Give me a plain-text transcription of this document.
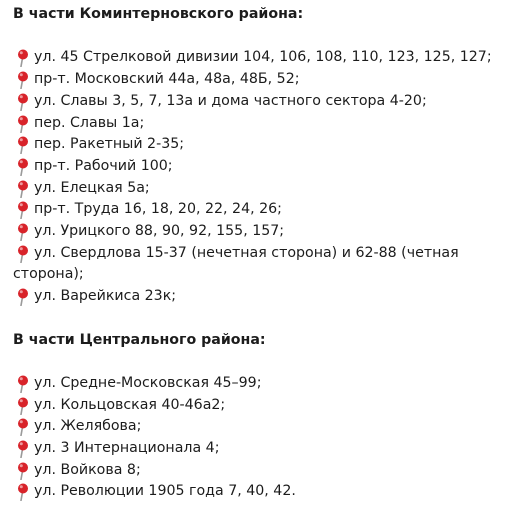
В части Коминтерновского района:

ул. 45 Стрелковой дивизии 104, 106, 108, 110, 123, 125, 127;
пр-т. Московский 44а, 48а, 48Б, 52;
ул. Славы 3, 5, 7, 13а и дома частного сектора 4-20;
пер. Славы 1а;
пер. Ракетный 2-35;
пр-т. Рабочий 100;
ул. Елецкая 5а;
пр-т. Труда 16, 18, 20, 22, 24, 26;
ул. Урицкого 88, 90, 92, 155, 157;
ул. Свердлова 15-37 (нечетная сторона) и 62-88 (четная сторона);
ул. Варейкиса 23к;

В части Центрального района:

ул. Средне-Московская 45–99;
ул. Кольцовская 40-46а2;
ул. Желябова;
ул. 3 Интернационала 4;
ул. Войкова 8;
ул. Революции 1905 года 7, 40, 42.
